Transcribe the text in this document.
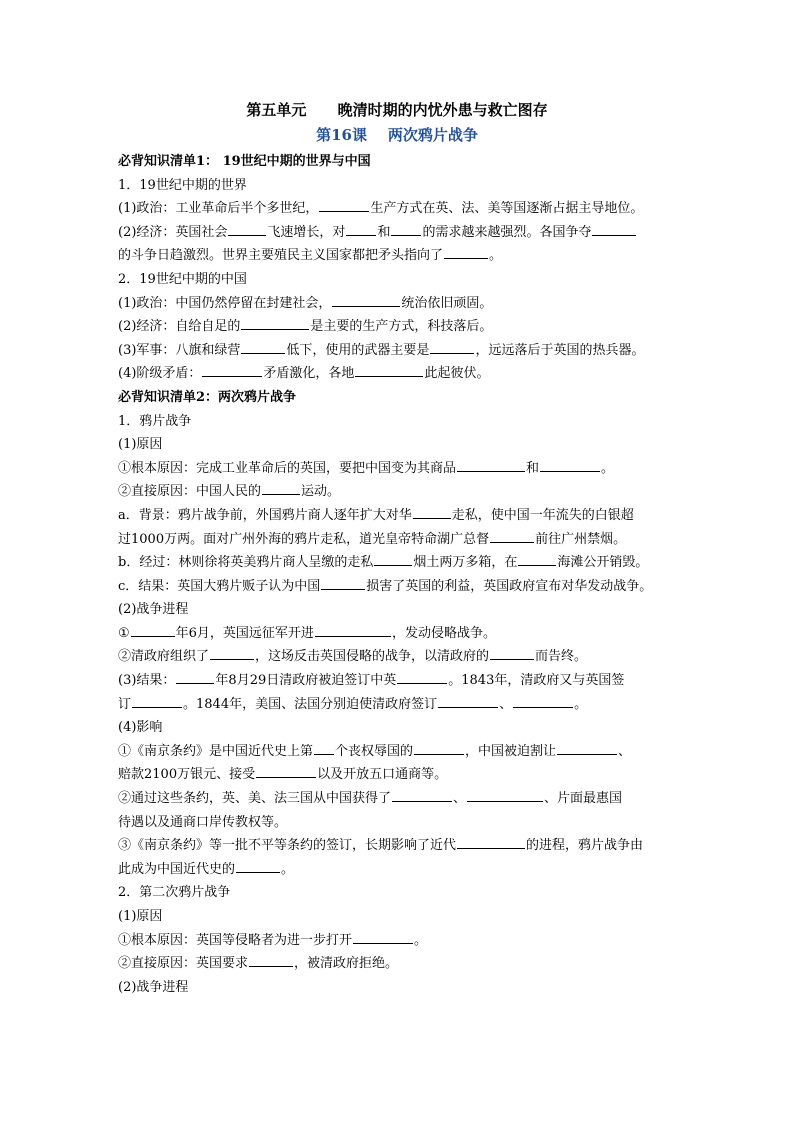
第五单元      晚清时期的内忧外患与救亡图存
第16课    两次鸦片战争
必背知识清单1： 19世纪中期的世界与中国
1．19世纪中期的世界
(1)政治：工业革命后半个多世纪，	生产方式在英、法、美等国逐渐占据主导地位。
(2)经济：英国社会	飞速增长，对 和 的需求越来越强烈。各国争夺
的斗争日趋激烈。世界主要殖民主义国家都把矛头指向了	。
2．19世纪中期的中国
(1)政治：中国仍然停留在封建社会，	统治依旧顽固。
(2)经济：自给自足的	是主要的生产方式，科技落后。
(3)军事：八旗和绿营	低下，使用的武器主要是	，远远落后于英国的热兵器。
(4)阶级矛盾：	矛盾激化，各地	此起彼伏。
必背知识清单2：两次鸦片战争
1．鸦片战争
(1)原因
①根本原因：完成工业革命后的英国，要把中国变为其商品	和	。
②直接原因：中国人民的	运动。
a．背景：鸦片战争前，外国鸦片商人逐年扩大对华	走私，使中国一年流失的白银超
过1000万两。面对广州外海的鸦片走私，道光皇帝特命湖广总督	前往广州禁烟。
b．经过：林则徐将英美鸦片商人呈缴的走私	烟土两万多箱，在	海滩公开销毁。
c．结果：英国大鸦片贩子认为中国	损害了英国的利益，英国政府宣布对华发动战争。
(2)战争进程
①	年6月，英国远征军开进	，发动侵略战争。
②清政府组织了	，这场反击英国侵略的战争，以清政府的	而告终。
(3)结果：	年8月29日清政府被迫签订中英	。1843年，清政府又与英国签
订	。1844年，美国、法国分别迫使清政府签订	、	。
(4)影响
①《南京条约》是中国近代史上第 个丧权辱国的	，中国被迫割让	、
赔款2100万银元、接受	以及开放五口通商等。
②通过这些条约，英、美、法三国从中国获得了	、	、片面最惠国
待遇以及通商口岸传教权等。
③《南京条约》等一批不平等条约的签订，长期影响了近代	的进程，鸦片战争由
此成为中国近代史的	。
2．第二次鸦片战争
(1)原因
①根本原因：英国等侵略者为进一步打开	。
②直接原因：英国要求	，被清政府拒绝。
(2)战争进程
